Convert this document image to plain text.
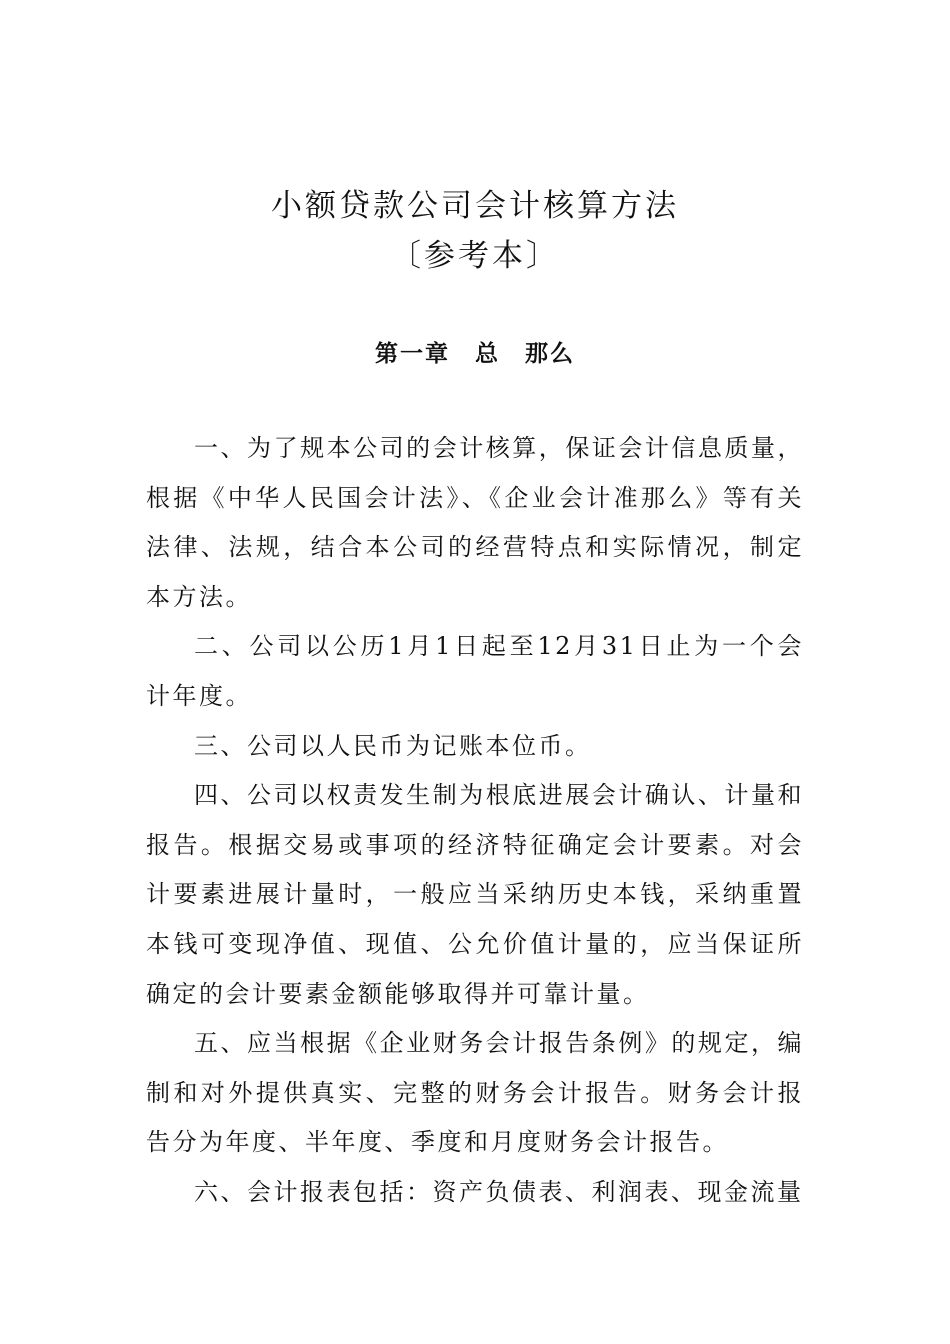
小额贷款公司会计核算方法
〔参考本〕
第一章　总　那么

一、为了规本公司的会计核算，保证会计信息质量，根据《中华人民国会计法》、《企业会计准那么》等有关法律、法规，结合本公司的经营特点和实际情况，制定本方法。

二、公司以公历1月1日起至12月31日止为一个会计年度。

三、公司以人民币为记账本位币。

四、公司以权责发生制为根底进展会计确认、计量和报告。根据交易或事项的经济特征确定会计要素。对会计要素进展计量时，一般应当采纳历史本钱，采纳重置本钱可变现净值、现值、公允价值计量的，应当保证所确定的会计要素金额能够取得并可靠计量。

五、应当根据《企业财务会计报告条例》的规定，编制和对外提供真实、完整的财务会计报告。财务会计报告分为年度、半年度、季度和月度财务会计报告。

六、会计报表包括：资产负债表、利润表、现金流量
